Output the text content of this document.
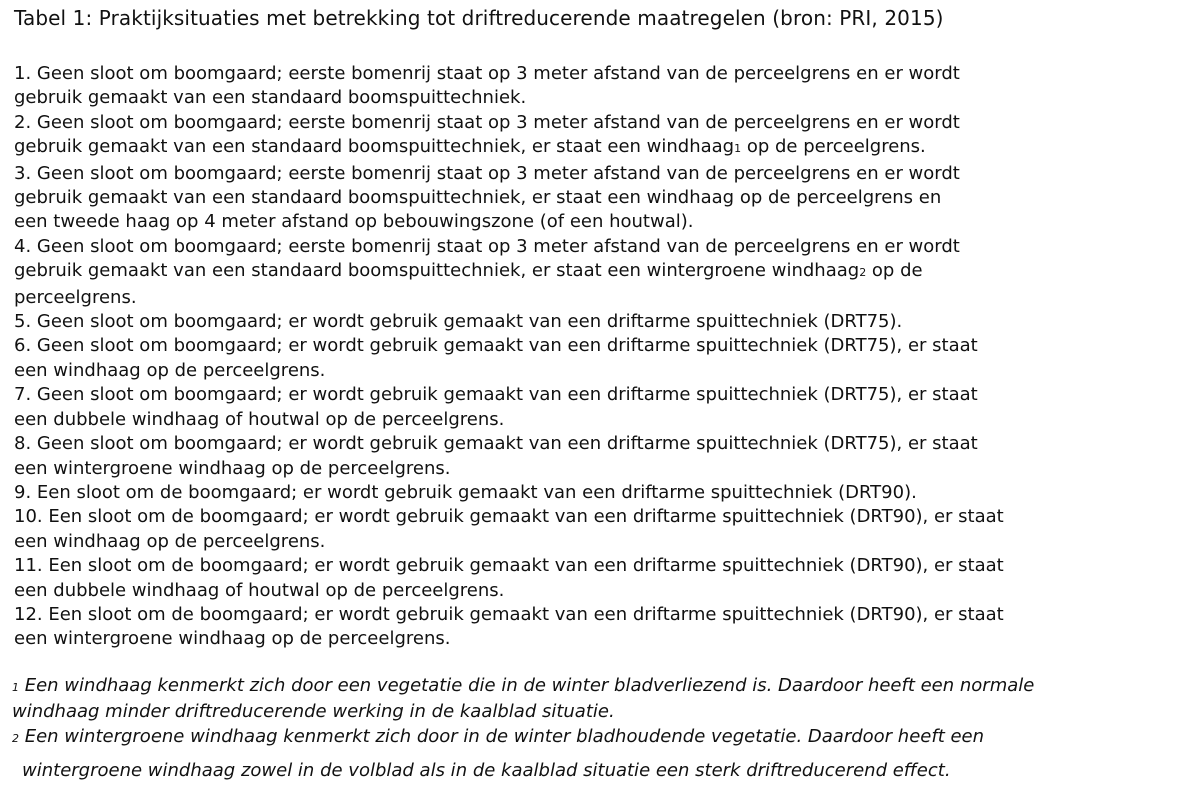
Tabel 1: Praktijksituaties met betrekking tot driftreducerende maatregelen (bron: PRI, 2015)
1. Geen sloot om boomgaard; eerste bomenrij staat op 3 meter afstand van de perceelgrens en er wordt
gebruik gemaakt van een standaard boomspuittechniek.
2. Geen sloot om boomgaard; eerste bomenrij staat op 3 meter afstand van de perceelgrens en er wordt
gebruik gemaakt van een standaard boomspuittechniek, er staat een windhaag1 op de perceelgrens.
3. Geen sloot om boomgaard; eerste bomenrij staat op 3 meter afstand van de perceelgrens en er wordt
gebruik gemaakt van een standaard boomspuittechniek, er staat een windhaag op de perceelgrens en
een tweede haag op 4 meter afstand op bebouwingszone (of een houtwal).
4. Geen sloot om boomgaard; eerste bomenrij staat op 3 meter afstand van de perceelgrens en er wordt
gebruik gemaakt van een standaard boomspuittechniek, er staat een wintergroene windhaag2 op de
perceelgrens.
5. Geen sloot om boomgaard; er wordt gebruik gemaakt van een driftarme spuittechniek (DRT75).
6. Geen sloot om boomgaard; er wordt gebruik gemaakt van een driftarme spuittechniek (DRT75), er staat
een windhaag op de perceelgrens.
7. Geen sloot om boomgaard; er wordt gebruik gemaakt van een driftarme spuittechniek (DRT75), er staat
een dubbele windhaag of houtwal op de perceelgrens.
8. Geen sloot om boomgaard; er wordt gebruik gemaakt van een driftarme spuittechniek (DRT75), er staat
een wintergroene windhaag op de perceelgrens.
9. Een sloot om de boomgaard; er wordt gebruik gemaakt van een driftarme spuittechniek (DRT90).
10. Een sloot om de boomgaard; er wordt gebruik gemaakt van een driftarme spuittechniek (DRT90), er staat
een windhaag op de perceelgrens.
11. Een sloot om de boomgaard; er wordt gebruik gemaakt van een driftarme spuittechniek (DRT90), er staat
een dubbele windhaag of houtwal op de perceelgrens.
12. Een sloot om de boomgaard; er wordt gebruik gemaakt van een driftarme spuittechniek (DRT90), er staat
een wintergroene windhaag op de perceelgrens.
1 Een windhaag kenmerkt zich door een vegetatie die in de winter bladverliezend is. Daardoor heeft een normale
windhaag minder driftreducerende werking in de kaalblad situatie.
2 Een wintergroene windhaag kenmerkt zich door in de winter bladhoudende vegetatie. Daardoor heeft een
wintergroene windhaag zowel in de volblad als in de kaalblad situatie een sterk driftreducerend effect.
